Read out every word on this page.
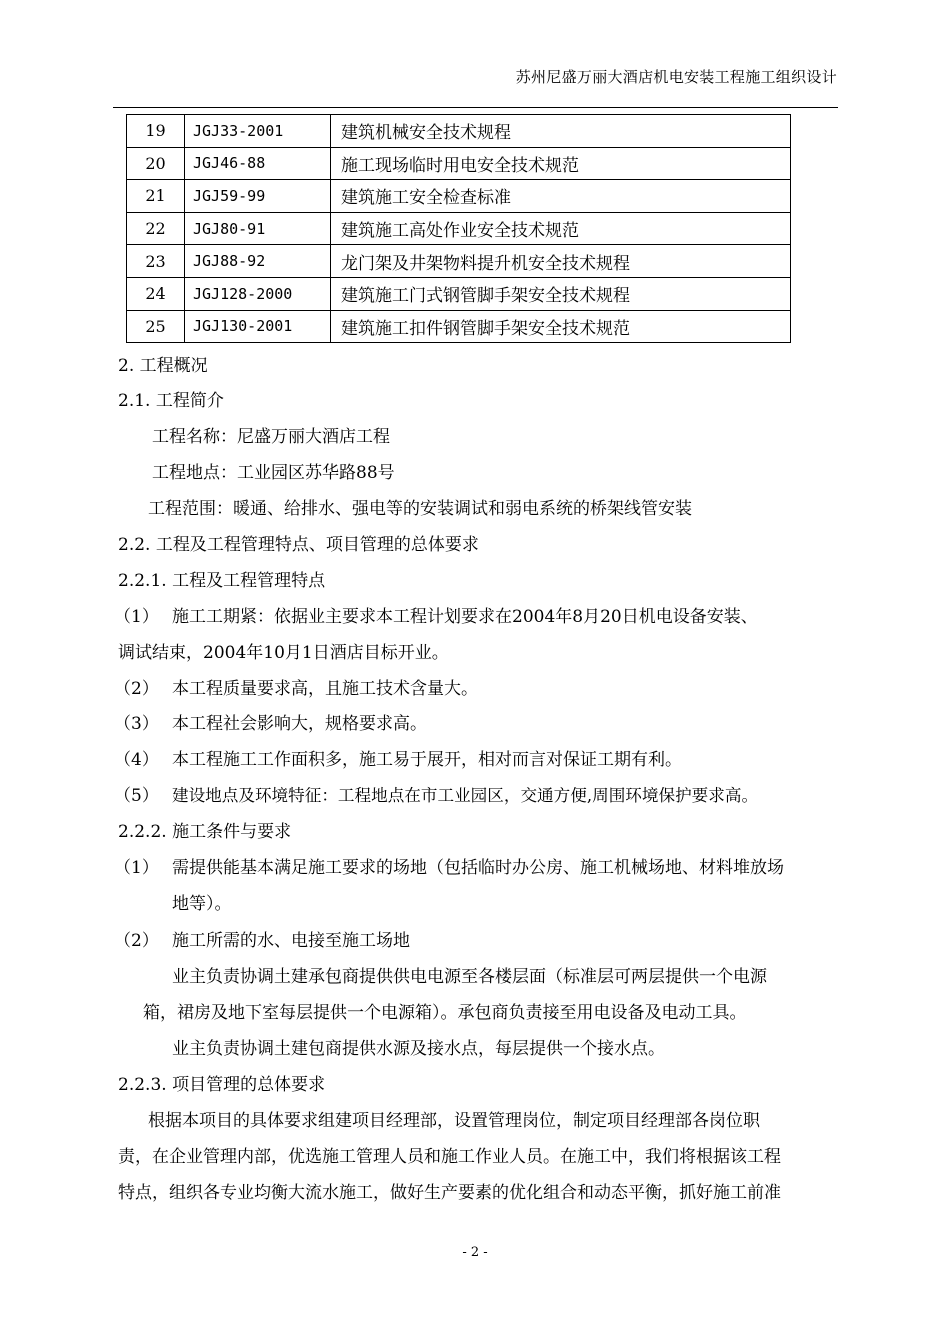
苏州尼盛万丽大酒店机电安装工程施工组织设计
19	JGJ33-2001	建筑机械安全技术规程
20	JGJ46-88	施工现场临时用电安全技术规范
21	JGJ59-99	建筑施工安全检查标准
22	JGJ80-91	建筑施工高处作业安全技术规范
23	JGJ88-92	龙门架及井架物料提升机安全技术规程
24	JGJ128-2000	建筑施工门式钢管脚手架安全技术规程
25	JGJ130-2001	建筑施工扣件钢管脚手架安全技术规范
2. 工程概况
2.1. 工程简介
工程名称：尼盛万丽大酒店工程
工程地点：工业园区苏华路88号
工程范围：暖通、给排水、强电等的安装调试和弱电系统的桥架线管安装
2.2. 工程及工程管理特点、项目管理的总体要求
2.2.1. 工程及工程管理特点
（1） 施工工期紧：依据业主要求本工程计划要求在2004年8月20日机电设备安装、
调试结束，2004年10月1日酒店目标开业。
（2） 本工程质量要求高，且施工技术含量大。
（3） 本工程社会影响大，规格要求高。
（4） 本工程施工工作面积多，施工易于展开，相对而言对保证工期有利。
（5） 建设地点及环境特征：工程地点在市工业园区，交通方便,周围环境保护要求高。
2.2.2. 施工条件与要求
（1） 需提供能基本满足施工要求的场地（包括临时办公房、施工机械场地、材料堆放场
地等）。
（2） 施工所需的水、电接至施工场地
业主负责协调土建承包商提供供电电源至各楼层面（标准层可两层提供一个电源
箱，裙房及地下室每层提供一个电源箱）。承包商负责接至用电设备及电动工具。
业主负责协调土建包商提供水源及接水点，每层提供一个接水点。
2.2.3. 项目管理的总体要求
根据本项目的具体要求组建项目经理部，设置管理岗位，制定项目经理部各岗位职
责，在企业管理内部，优选施工管理人员和施工作业人员。在施工中，我们将根据该工程
特点，组织各专业均衡大流水施工，做好生产要素的优化组合和动态平衡，抓好施工前准
- 2 -
